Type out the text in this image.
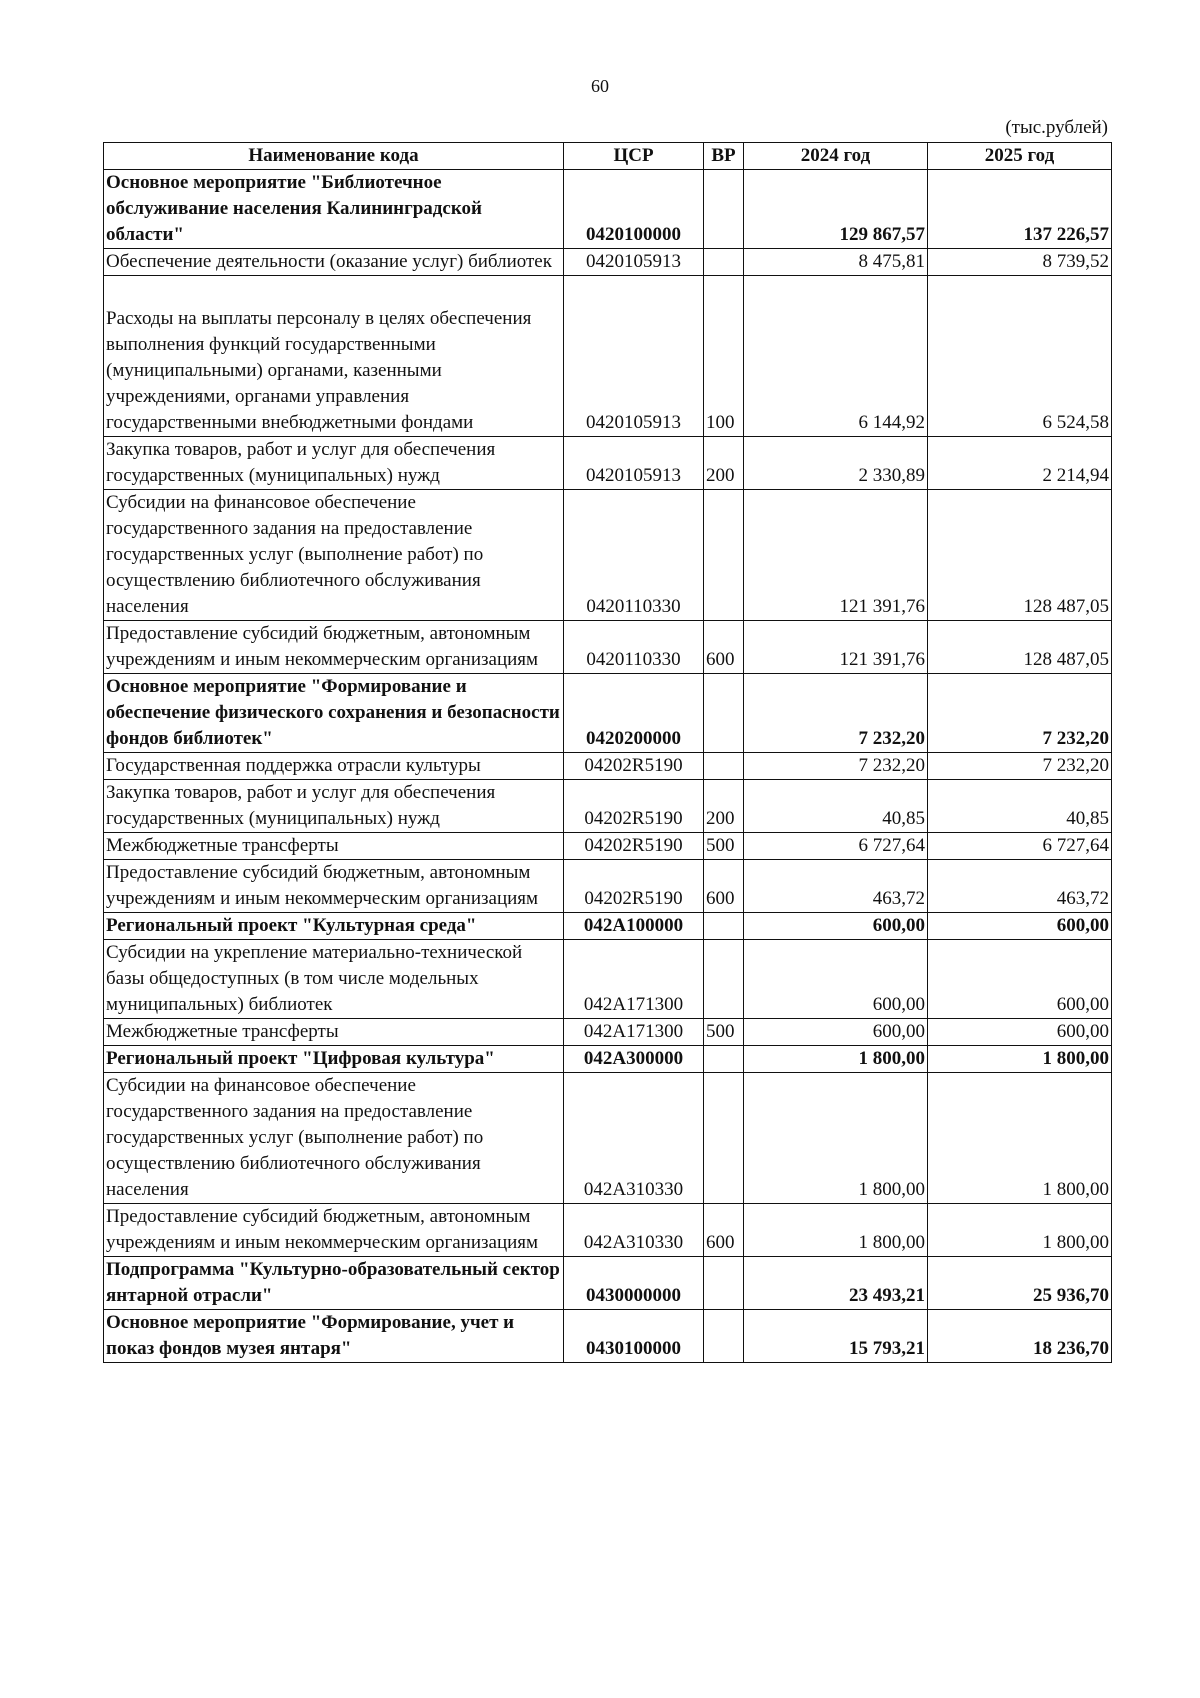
60
(тыс.рублей)
Наименование кода	ЦСР	ВР	2024 год	2025 год
Основное мероприятие "Библиотечное обслуживание населения Калининградской области"	0420100000		129 867,57	137 226,57
Обеспечение деятельности (оказание услуг) библиотек	0420105913		8 475,81	8 739,52
Расходы на выплаты персоналу в целях обеспечения выполнения функций государственными (муниципальными) органами, казенными учреждениями, органами управления государственными внебюджетными фондами	0420105913	100	6 144,92	6 524,58
Закупка товаров, работ и услуг для обеспечения государственных (муниципальных) нужд	0420105913	200	2 330,89	2 214,94
Субсидии на финансовое обеспечение государственного задания на предоставление государственных услуг (выполнение работ) по осуществлению библиотечного обслуживания населения	0420110330		121 391,76	128 487,05
Предоставление субсидий бюджетным, автономным учреждениям и иным некоммерческим организациям	0420110330	600	121 391,76	128 487,05
Основное мероприятие "Формирование и обеспечение физического сохранения и безопасности фондов библиотек"	0420200000		7 232,20	7 232,20
Государственная поддержка отрасли культуры	04202R5190		7 232,20	7 232,20
Закупка товаров, работ и услуг для обеспечения государственных (муниципальных) нужд	04202R5190	200	40,85	40,85
Межбюджетные трансферты	04202R5190	500	6 727,64	6 727,64
Предоставление субсидий бюджетным, автономным учреждениям и иным некоммерческим организациям	04202R5190	600	463,72	463,72
Региональный проект "Культурная среда"	042A100000		600,00	600,00
Субсидии на укрепление материально-технической базы общедоступных (в том числе модельных муниципальных) библиотек	042A171300		600,00	600,00
Межбюджетные трансферты	042A171300	500	600,00	600,00
Региональный проект "Цифровая культура"	042A300000		1 800,00	1 800,00
Субсидии на финансовое обеспечение государственного задания на предоставление государственных услуг (выполнение работ) по осуществлению библиотечного обслуживания населения	042A310330		1 800,00	1 800,00
Предоставление субсидий бюджетным, автономным учреждениям и иным некоммерческим организациям	042A310330	600	1 800,00	1 800,00
Подпрограмма "Культурно-образовательный сектор янтарной отрасли"	0430000000		23 493,21	25 936,70
Основное мероприятие "Формирование, учет и показ фондов музея янтаря"	0430100000		15 793,21	18 236,70
